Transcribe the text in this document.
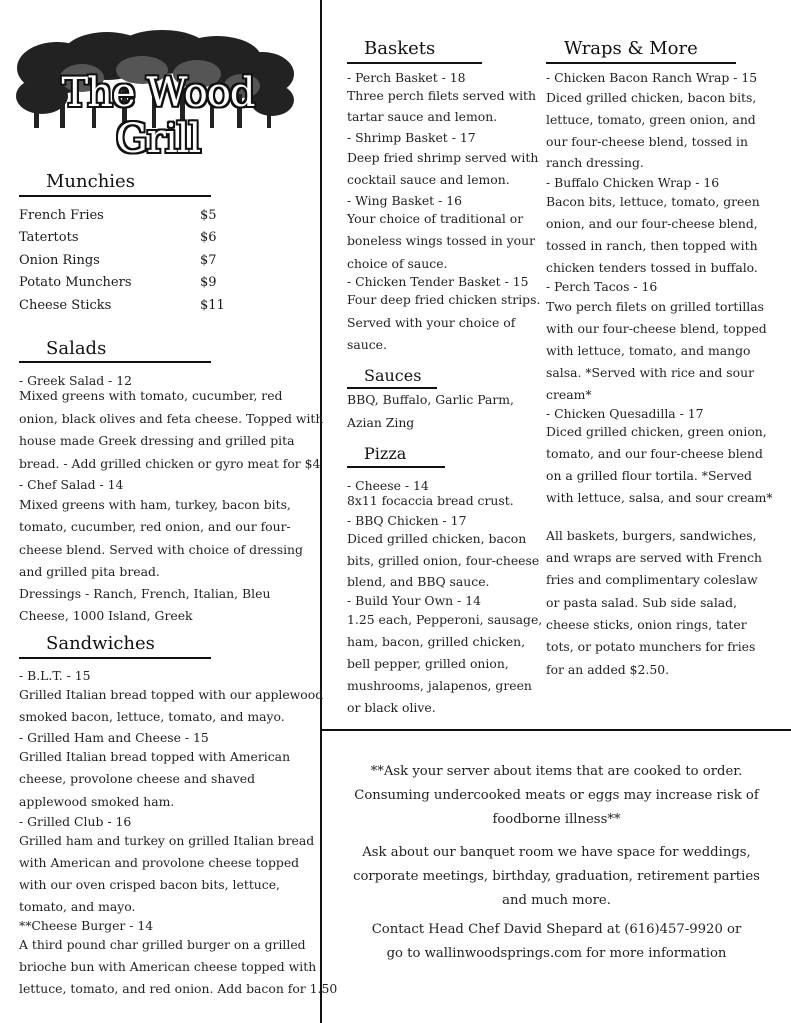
The Wood Grill
Munchies
French Fries	$5
Tatertots	$6
Onion Rings	$7
Potato Munchers	$9
Cheese Sticks	$11
Salads
- Greek Salad - 12
Mixed greens with tomato, cucumber, red
onion, black olives and feta cheese. Topped with
house made Greek dressing and grilled pita
bread. - Add grilled chicken or gyro meat for $4
- Chef Salad - 14
Mixed greens with ham, turkey, bacon bits,
tomato, cucumber, red onion, and our four-
cheese blend. Served with choice of dressing
and grilled pita bread.
Dressings - Ranch, French, Italian, Bleu
Cheese, 1000 Island, Greek
Sandwiches
- B.L.T. - 15
Grilled Italian bread topped with our applewood
smoked bacon, lettuce, tomato, and mayo.
- Grilled Ham and Cheese - 15
Grilled Italian bread topped with American
cheese, provolone cheese and shaved
applewood smoked ham.
- Grilled Club - 16
Grilled ham and turkey on grilled Italian bread
with American and provolone cheese topped
with our oven crisped bacon bits, lettuce,
tomato, and mayo.
**Cheese Burger - 14
A third pound char grilled burger on a grilled
brioche bun with American cheese topped with
lettuce, tomato, and red onion. Add bacon for 1.50
Baskets
- Perch Basket - 18
Three perch filets served with
tartar sauce and lemon.
- Shrimp Basket - 17
Deep fried shrimp served with
cocktail sauce and lemon.
- Wing Basket - 16
Your choice of traditional or
boneless wings tossed in your
choice of sauce.
- Chicken Tender Basket - 15
Four deep fried chicken strips.
Served with your choice of
sauce.
Sauces
BBQ, Buffalo, Garlic Parm,
Azian Zing
Pizza
- Cheese - 14
8x11 focaccia bread crust.
- BBQ Chicken - 17
Diced grilled chicken, bacon
bits, grilled onion, four-cheese
blend, and BBQ sauce.
- Build Your Own - 14
1.25 each, Pepperoni, sausage,
ham, bacon, grilled chicken,
bell pepper, grilled onion,
mushrooms, jalapenos, green
or black olive.
Wraps & More
- Chicken Bacon Ranch Wrap - 15
Diced grilled chicken, bacon bits,
lettuce, tomato, green onion, and
our four-cheese blend, tossed in
ranch dressing.
- Buffalo Chicken Wrap - 16
Bacon bits, lettuce, tomato, green
onion, and our four-cheese blend,
tossed in ranch, then topped with
chicken tenders tossed in buffalo.
- Perch Tacos - 16
Two perch filets on grilled tortillas
with our four-cheese blend, topped
with lettuce, tomato, and mango
salsa. *Served with rice and sour
cream*
- Chicken Quesadilla - 17
Diced grilled chicken, green onion,
tomato, and our four-cheese blend
on a grilled flour tortila. *Served
with lettuce, salsa, and sour cream*
All baskets, burgers, sandwiches,
and wraps are served with French
fries and complimentary coleslaw
or pasta salad. Sub side salad,
cheese sticks, onion rings, tater
tots, or potato munchers for fries
for an added $2.50.
**Ask your server about items that are cooked to order.
Consuming undercooked meats or eggs may increase risk of
foodborne illness**
Ask about our banquet room we have space for weddings,
corporate meetings, birthday, graduation, retirement parties
and much more.
Contact Head Chef David Shepard at (616)457-9920 or
go to wallinwoodsprings.com for more information
